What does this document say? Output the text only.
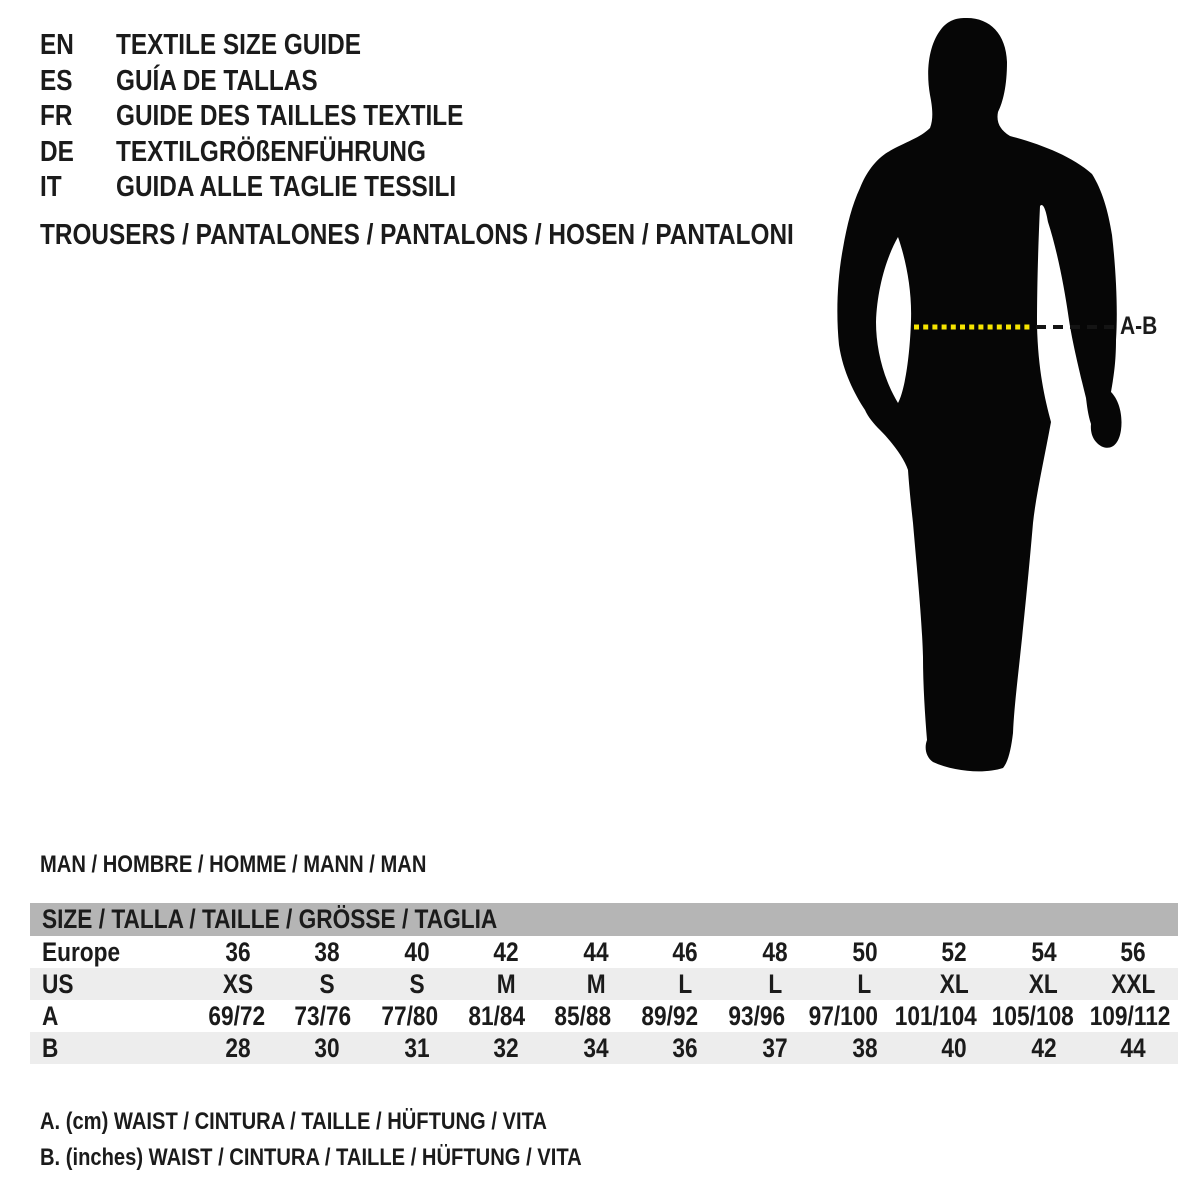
EN	TEXTILE SIZE GUIDE
ES	GUÍA DE TALLAS
FR	GUIDE DES TAILLES TEXTILE
DE	TEXTILGRÖßENFÜHRUNG
IT	GUIDA ALLE TAGLIE TESSILI
TROUSERS / PANTALONES / PANTALONS / HOSEN / PANTALONI
A-B
MAN / HOMBRE / HOMME / MANN / MAN
SIZE / TALLA / TAILLE / GRÖSSE / TAGLIA
Europe	36	38	40	42	44	46	48	50	52	54	56
US	XS	S	S	M	M	L	L	L	XL	XL	XXL
A	69/72	73/76	77/80	81/84	85/88	89/92	93/96 97/100 101/104 105/108 109/112
B	28	30	31	32	34	36	37	38	40	42	44
A. (cm) WAIST / CINTURA / TAILLE / HÜFTUNG / VITA
B. (inches) WAIST / CINTURA / TAILLE / HÜFTUNG / VITA
